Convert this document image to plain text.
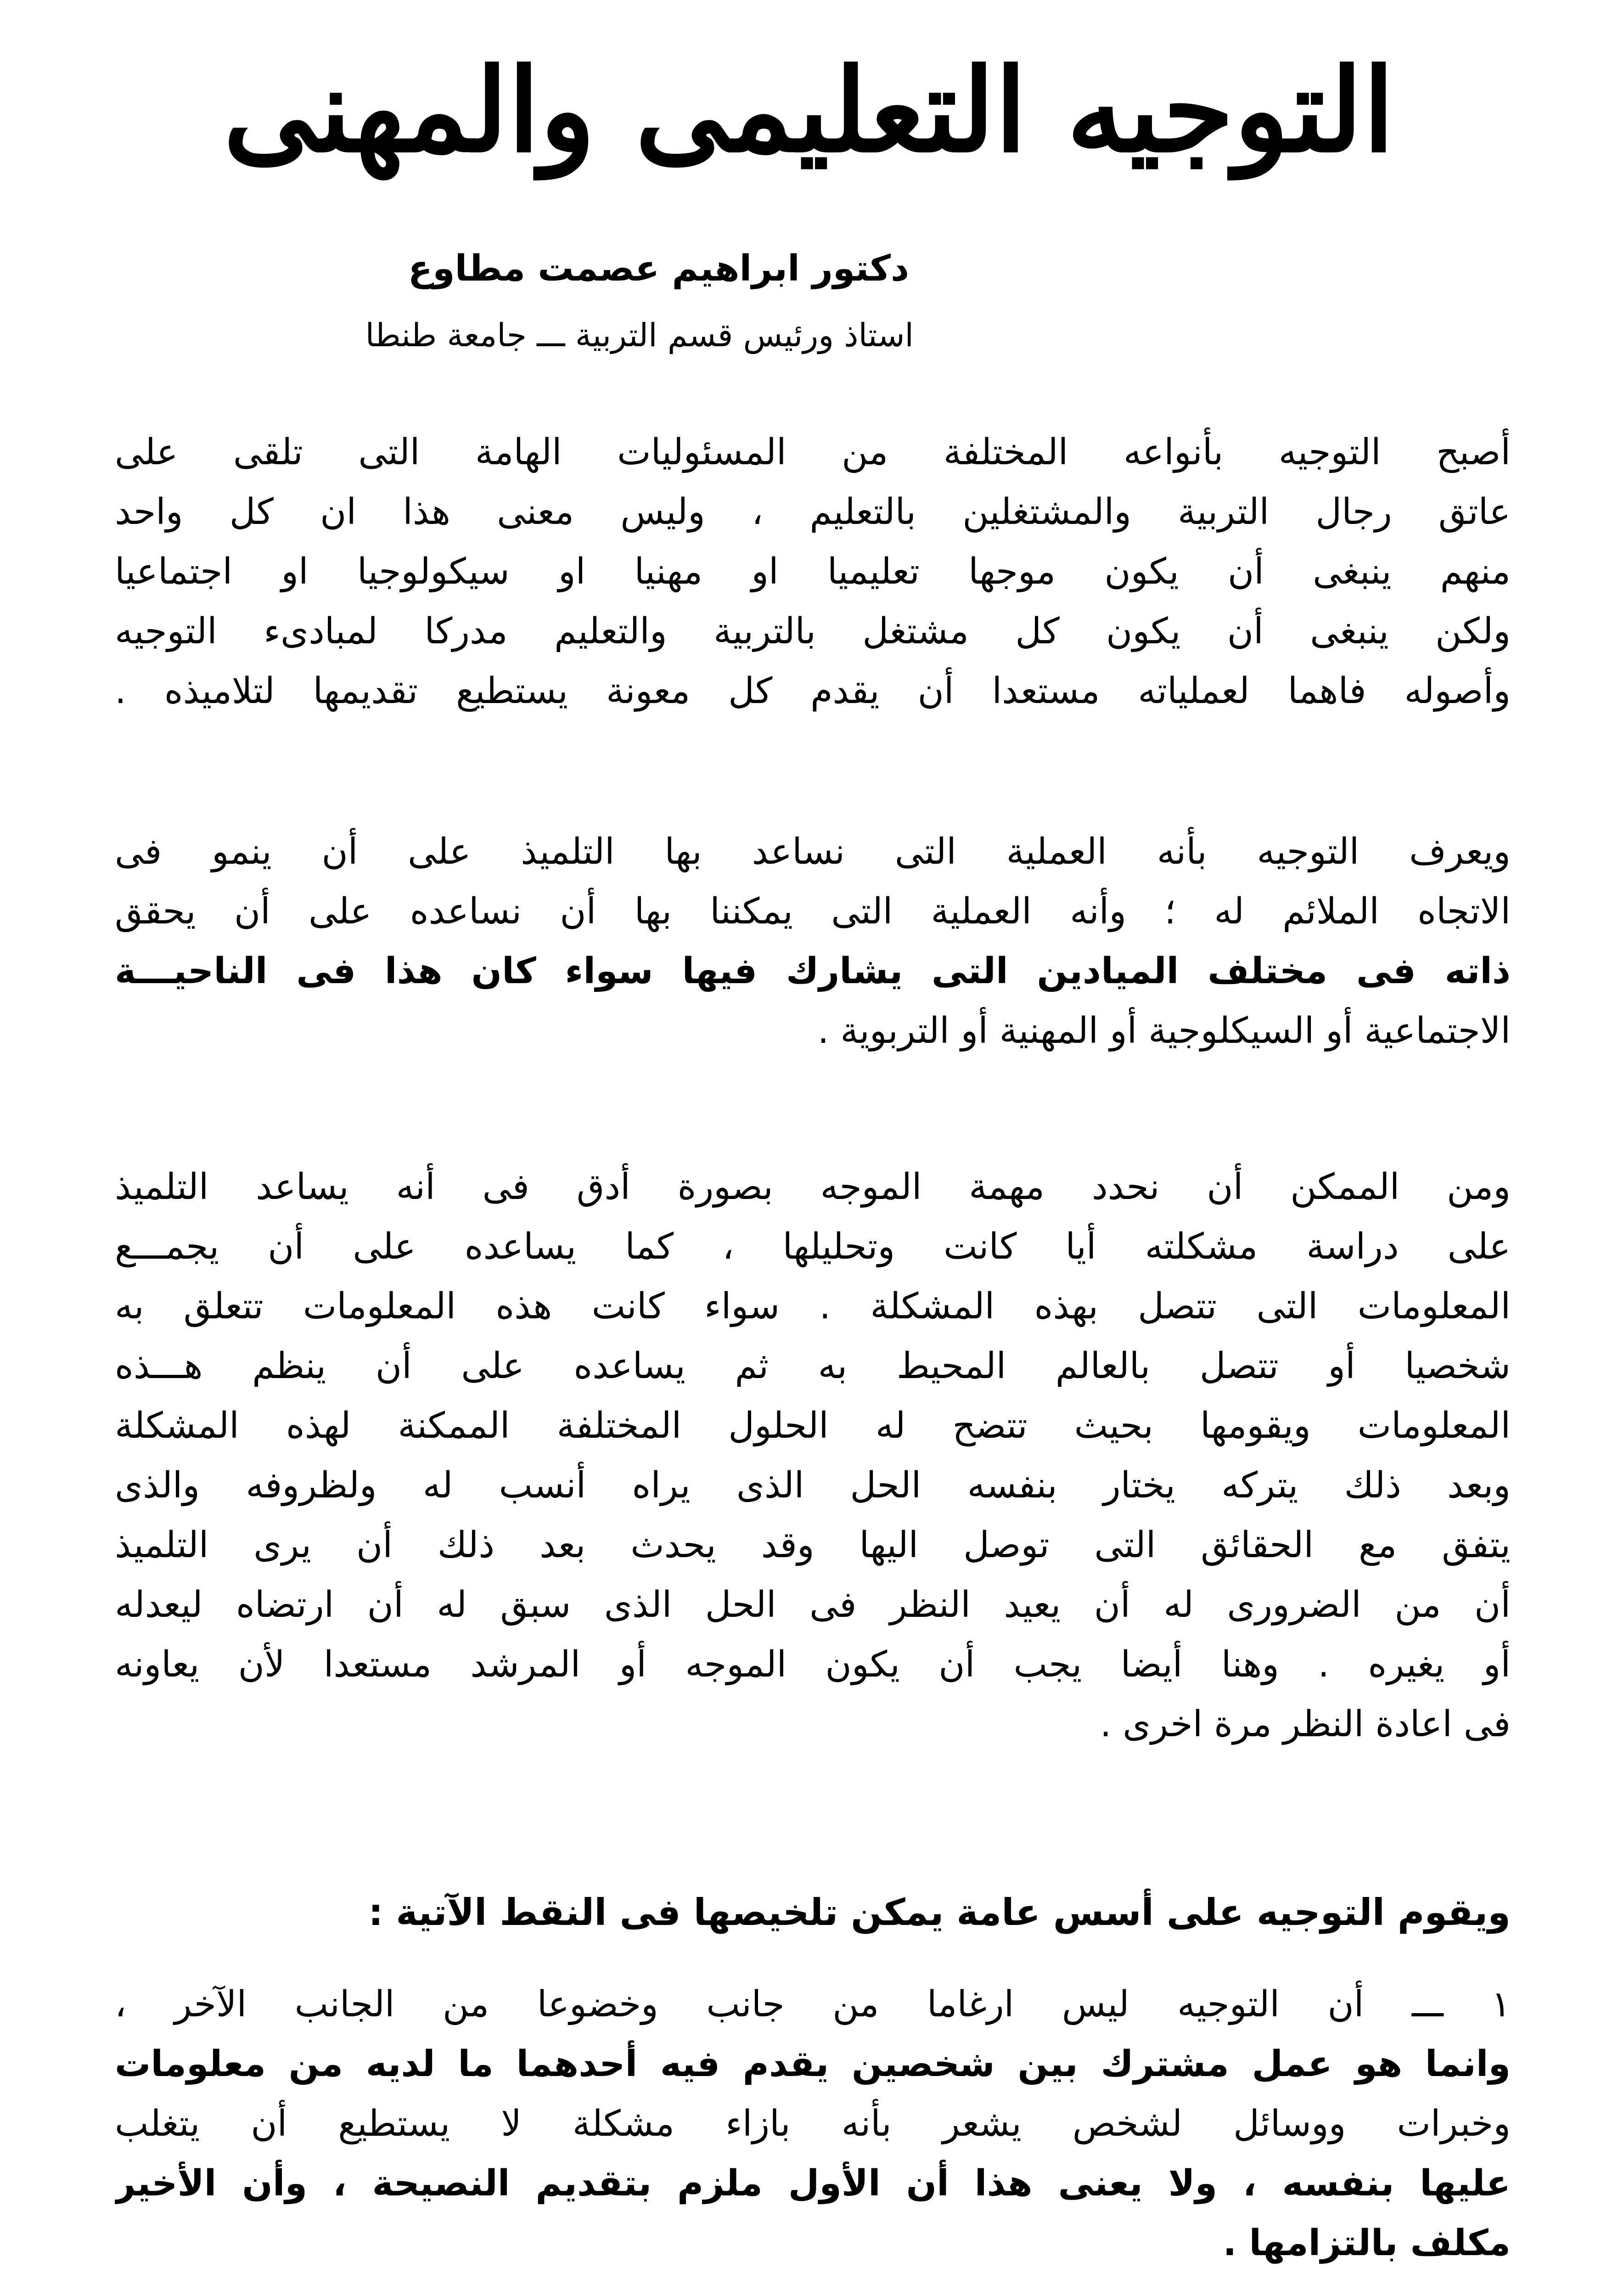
التوجيه التعليمى والمهنى
دكتور ابراهيم عصمت مطاوع
استاذ ورئيس قسم التربية ـــ جامعة طنطا
أصبح التوجيه بأنواعه المختلفة من المسئوليات الهامة التى تلقى على
عاتق رجال التربية والمشتغلين بالتعليم ، وليس معنى هذا ان كل واحد
منهم ينبغى أن يكون موجها تعليميا او مهنيا او سيكولوجيا او اجتماعيا
ولكن ينبغى أن يكون كل مشتغل بالتربية والتعليم مدركا لمبادىء التوجيه
وأصوله فاهما لعملياته مستعدا أن يقدم كل معونة يستطيع تقديمها لتلاميذه .
ويعرف التوجيه بأنه العملية التى نساعد بها التلميذ على أن ينمو فى
الاتجاه الملائم له ؛ وأنه العملية التى يمكننا بها أن نساعده على أن يحقق
ذاته فى مختلف الميادين التى يشارك فيها سواء كان هذا فى الناحيـــة
الاجتماعية أو السيكلوجية أو المهنية أو التربوية .
ومن الممكن أن نحدد مهمة الموجه بصورة أدق فى أنه يساعد التلميذ
على دراسة مشكلته أيا كانت وتحليلها ، كما يساعده على أن يجمـــع
المعلومات التى تتصل بهذه المشكلة . سواء كانت هذه المعلومات تتعلق به
شخصيا أو تتصل بالعالم المحيط به ثم يساعده على أن ينظم هـــذه
المعلومات ويقومها بحيث تتضح له الحلول المختلفة الممكنة لهذه المشكلة
وبعد ذلك يتركه يختار بنفسه الحل الذى يراه أنسب له ولظروفه والذى
يتفق مع الحقائق التى توصل اليها وقد يحدث بعد ذلك أن يرى التلميذ
أن من الضرورى له أن يعيد النظر فى الحل الذى سبق له أن ارتضاه ليعدله
أو يغيره . وهنا أيضا يجب أن يكون الموجه أو المرشد مستعدا لأن يعاونه
فى اعادة النظر مرة اخرى .
ويقوم التوجيه على أسس عامة يمكن تلخيصها فى النقط الآتية :
١ ـــ أن التوجيه ليس ارغاما من جانب وخضوعا من الجانب الآخر ،
وانما هو عمل مشترك بين شخصين يقدم فيه أحدهما ما لديه من معلومات
وخبرات ووسائل لشخص يشعر بأنه بازاء مشكلة لا يستطيع أن يتغلب
عليها بنفسه ، ولا يعنى هذا أن الأول ملزم بتقديم النصيحة ، وأن الأخير
مكلف بالتزامها .
